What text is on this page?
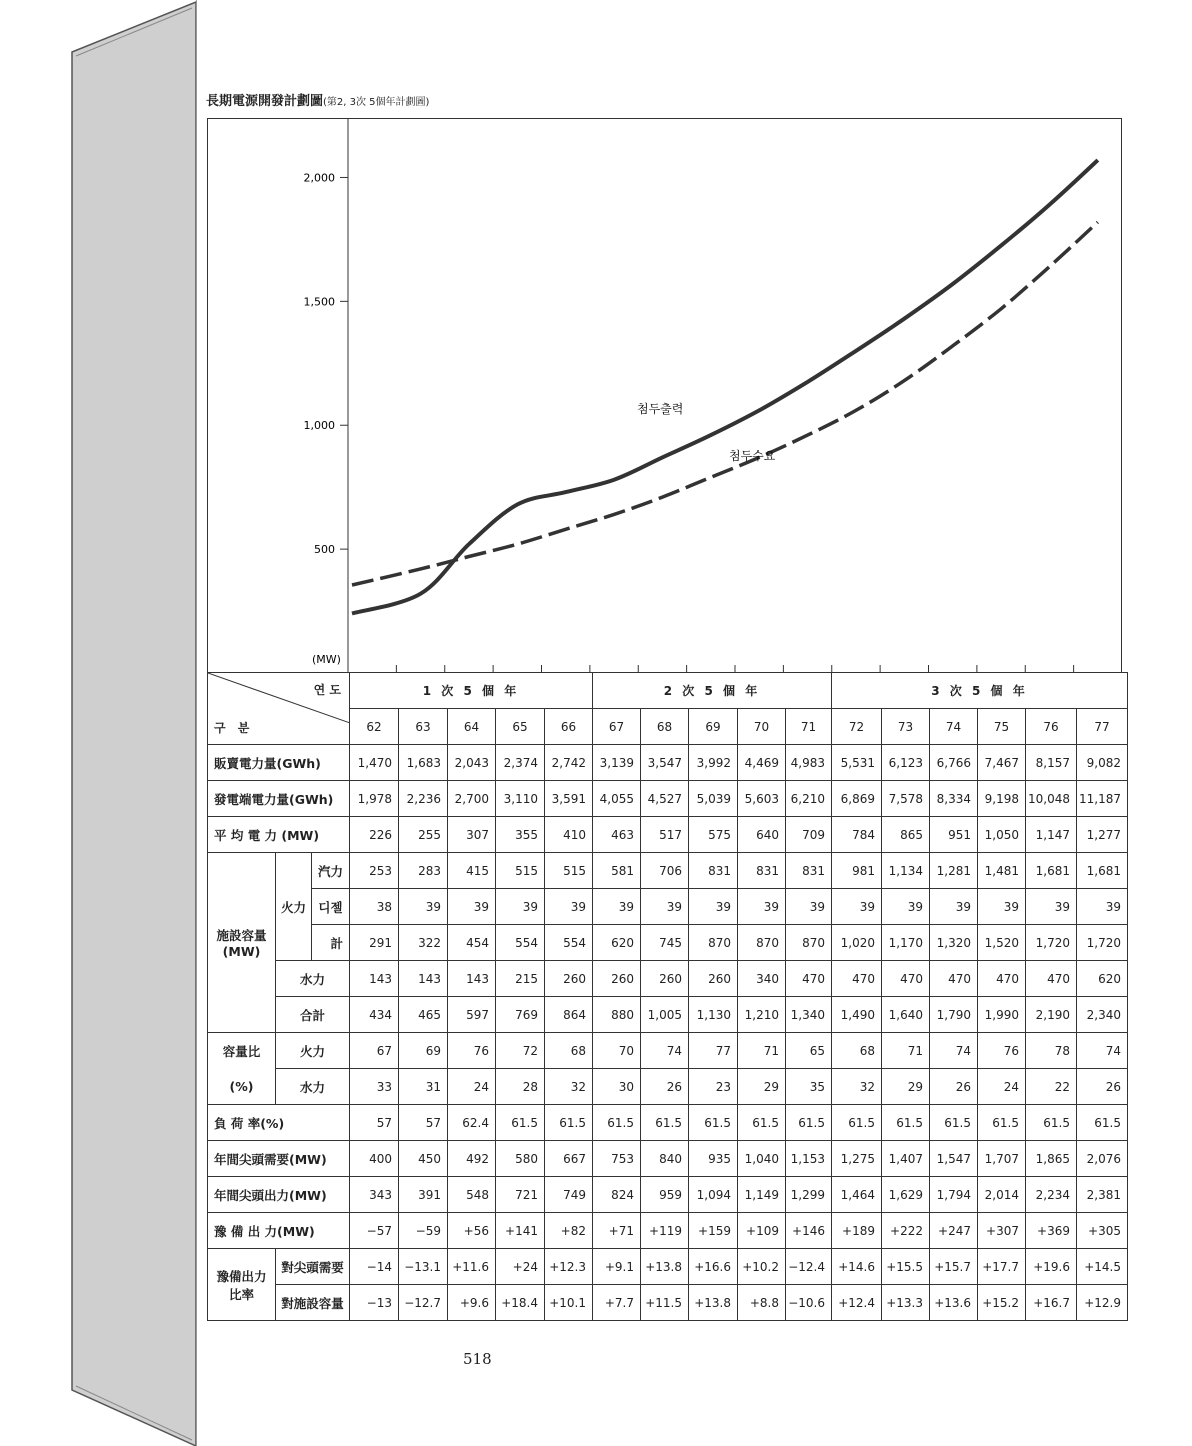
長期電源開發計劃圖(第2, 3次 5個年計劃圖)
500
1,000
1,500
2,000
첨두출력
첨두수요
(MW)
연 도
구 분			1 次 5 個 年					2 次 5 個 年					3 次 5 個 年					
			62	63	64	65	66	67	68	69	70	71	72	73	74	75	76	77
販賣電力量(GWh)			1,470	1,683	2,043	2,374	2,742	3,139	3,547	3,992	4,469	4,983	5,531	6,123	6,766	7,467	8,157	9,082
發電端電力量(GWh)			1,978	2,236	2,700	3,110	3,591	4,055	4,527	5,039	5,603	6,210	6,869	7,578	8,334	9,198	10,048	11,187
平 均 電 力 (MW)			226	255	307	355	410	463	517	575	640	709	784	865	951	1,050	1,147	1,277
施設容量
(MW)	火力	汽力	253	283	415	515	515	581	706	831	831	831	981	1,134	1,281	1,481	1,681	1,681
		디젤	38	39	39	39	39	39	39	39	39	39	39	39	39	39	39	39
		計	291	322	454	554	554	620	745	870	870	870	1,020	1,170	1,320	1,520	1,720	1,720
	水力		143	143	143	215	260	260	260	260	340	470	470	470	470	470	470	620
	合計		434	465	597	769	864	880	1,005	1,130	1,210	1,340	1,490	1,640	1,790	1,990	2,190	2,340
容量比	火力		67	69	76	72	68	70	74	77	71	65	68	71	74	76	78	74
(%)	水力		33	31	24	28	32	30	26	23	29	35	32	29	26	24	22	26
負 荷 率(%)			57	57	62.4	61.5	61.5	61.5	61.5	61.5	61.5	61.5	61.5	61.5	61.5	61.5	61.5	61.5
年間尖頭需要(MW)			400	450	492	580	667	753	840	935	1,040	1,153	1,275	1,407	1,547	1,707	1,865	2,076
年間尖頭出力(MW)			343	391	548	721	749	824	959	1,094	1,149	1,299	1,464	1,629	1,794	2,014	2,234	2,381
豫 備 出 力(MW)			−57	−59	+56	+141	+82	+71	+119	+159	+109	+146	+189	+222	+247	+307	+369	+305
豫備出力
比率	對尖頭需要		−14	−13.1	+11.6	+24	+12.3	+9.1	+13.8	+16.6	+10.2	−12.4	+14.6	+15.5	+15.7	+17.7	+19.6	+14.5
	對施設容量		−13	−12.7	+9.6	+18.4	+10.1	+7.7	+11.5	+13.8	+8.8	−10.6	+12.4	+13.3	+13.6	+15.2	+16.7	+12.9
518
